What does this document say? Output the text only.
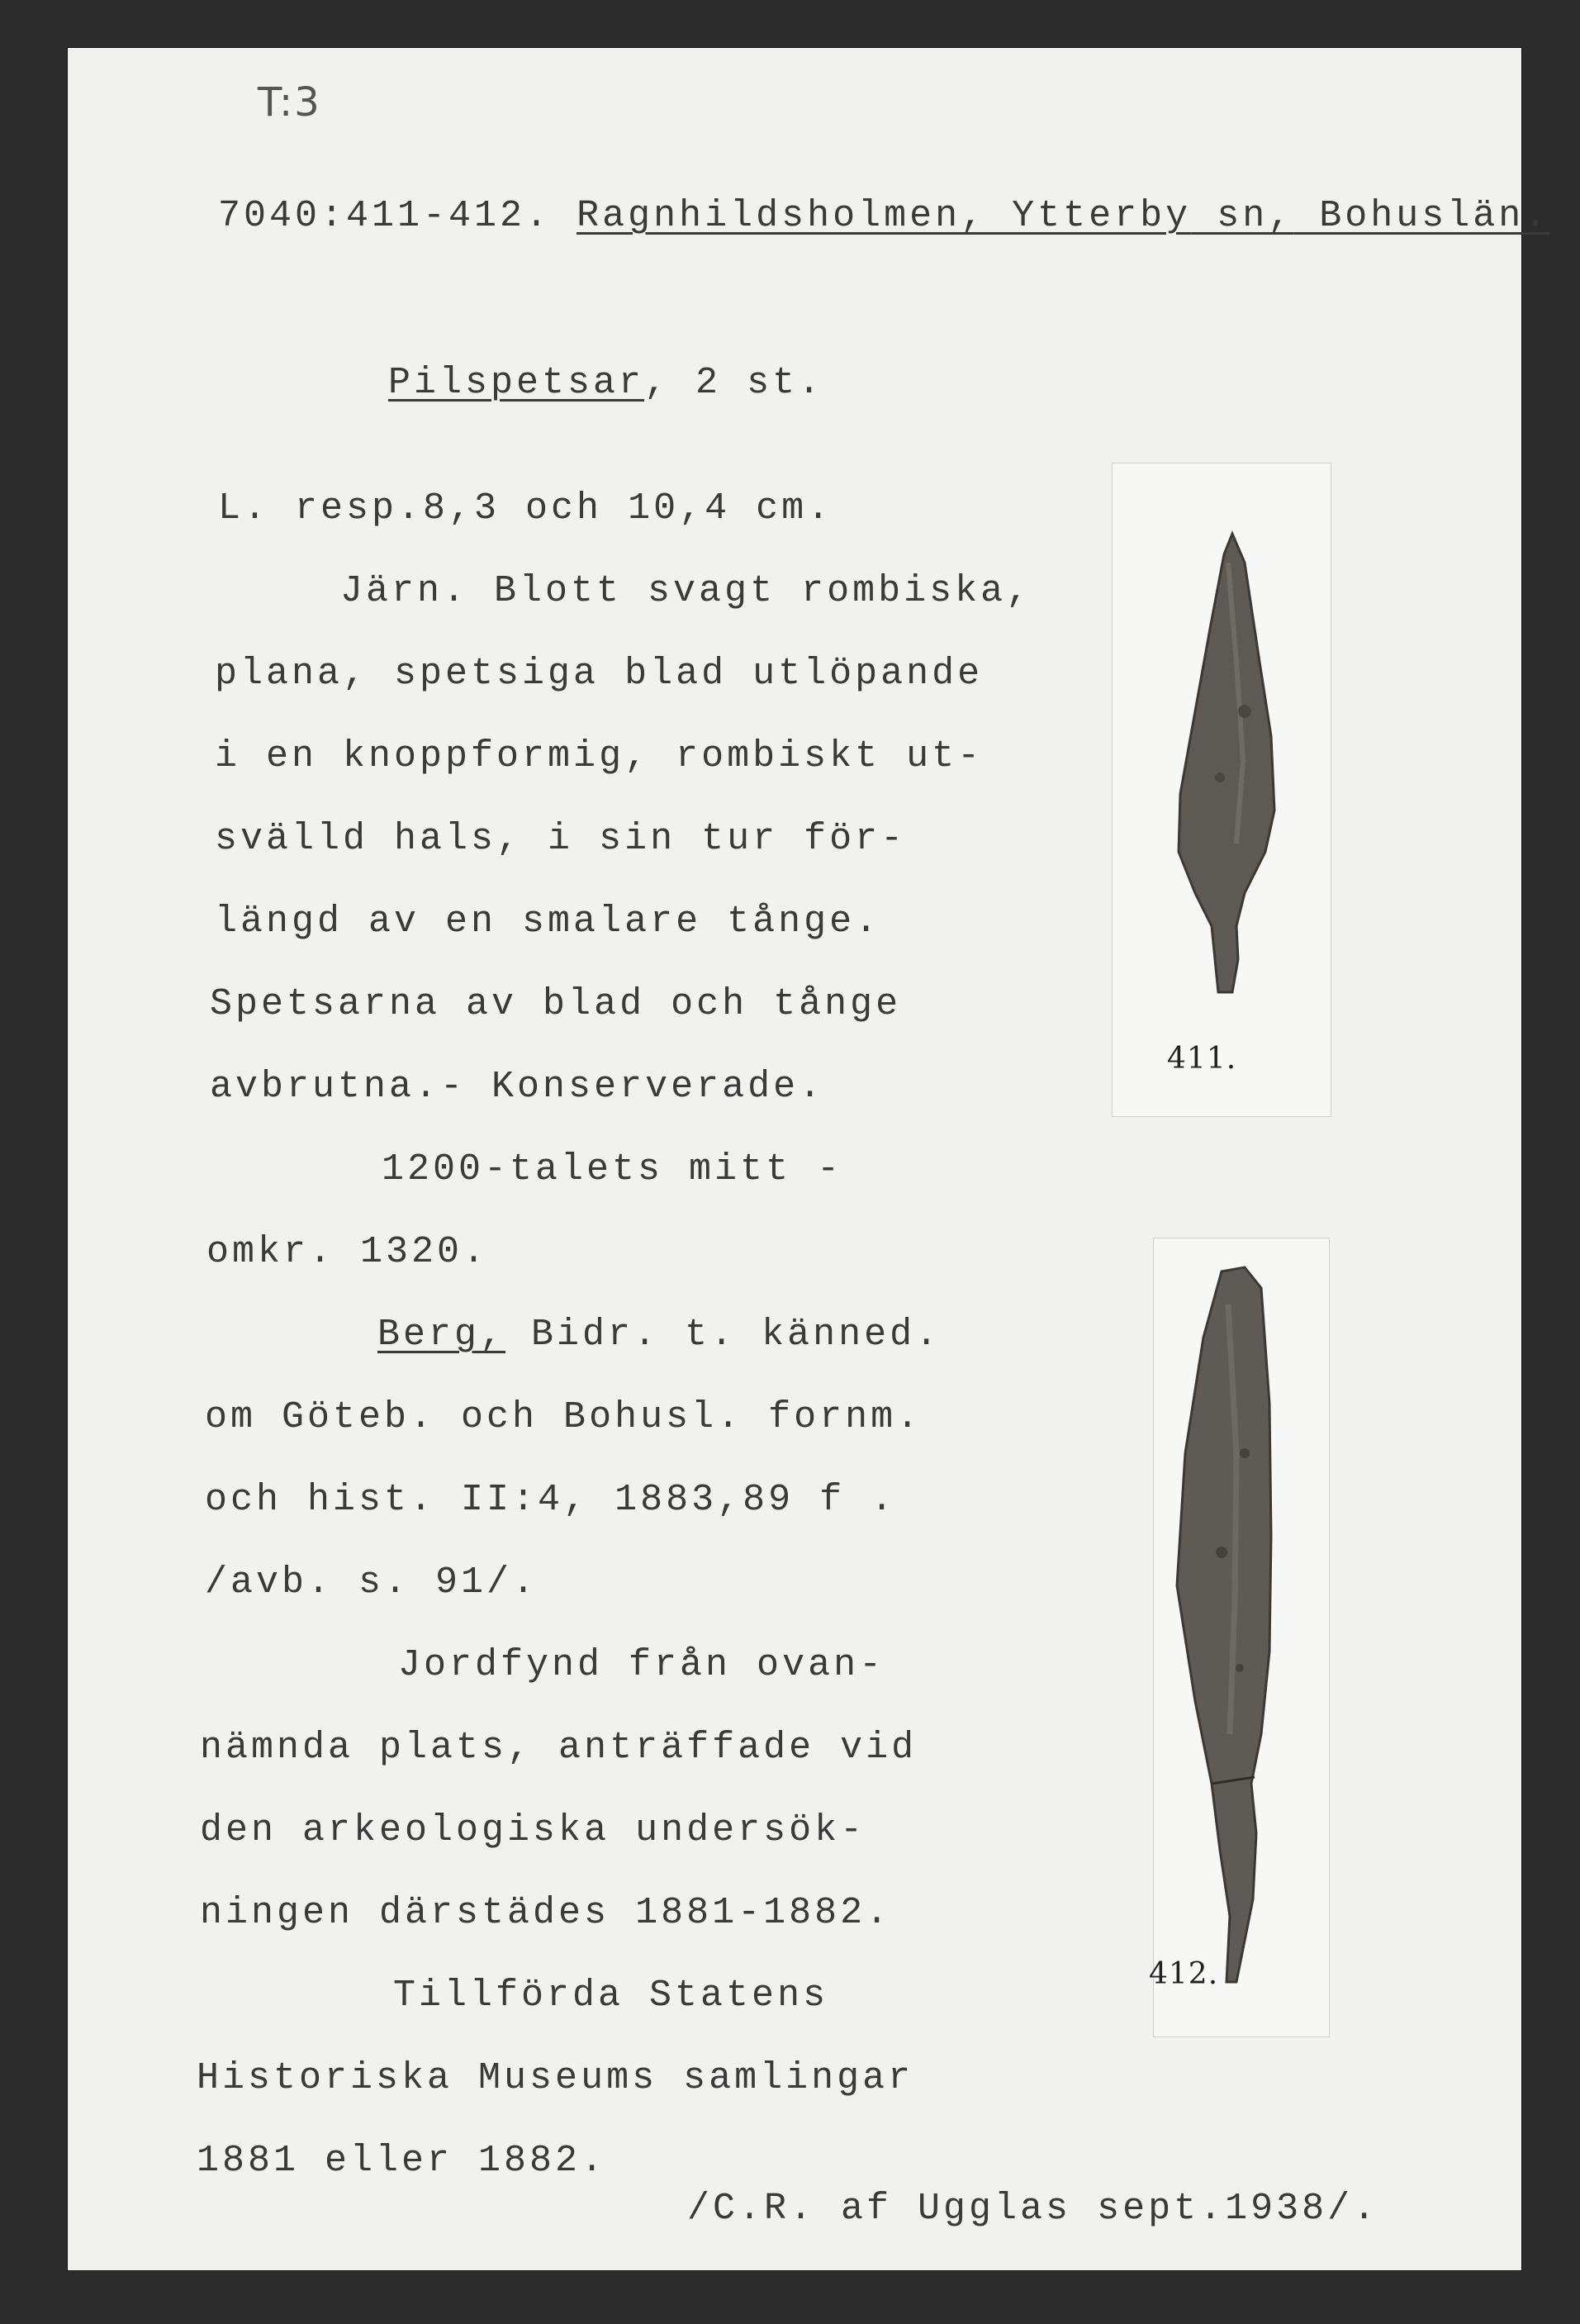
T:3
7040:411-412. Ragnhildsholmen, Ytterby sn, Bohuslän.
Pilspetsar, 2 st.
L. resp.8,3 och 10,4 cm.
Järn. Blott svagt rombiska,
plana, spetsiga blad utlöpande
i en knoppformig, rombiskt ut-
svälld hals, i sin tur för-
längd av en smalare tånge.
Spetsarna av blad och tånge
avbrutna.- Konserverade.
1200-talets mitt -
omkr. 1320.
Berg, Bidr. t. känned.
om Göteb. och Bohusl. fornm.
och hist. II:4, 1883,89 f .
/avb. s. 91/.
Jordfynd från ovan-
nämnda plats, anträffade vid
den arkeologiska undersök-
ningen därstädes 1881-1882.
Tillförda Statens
Historiska Museums samlingar
1881 eller 1882.
/C.R. af Ugglas sept.1938/.
411.
412.
